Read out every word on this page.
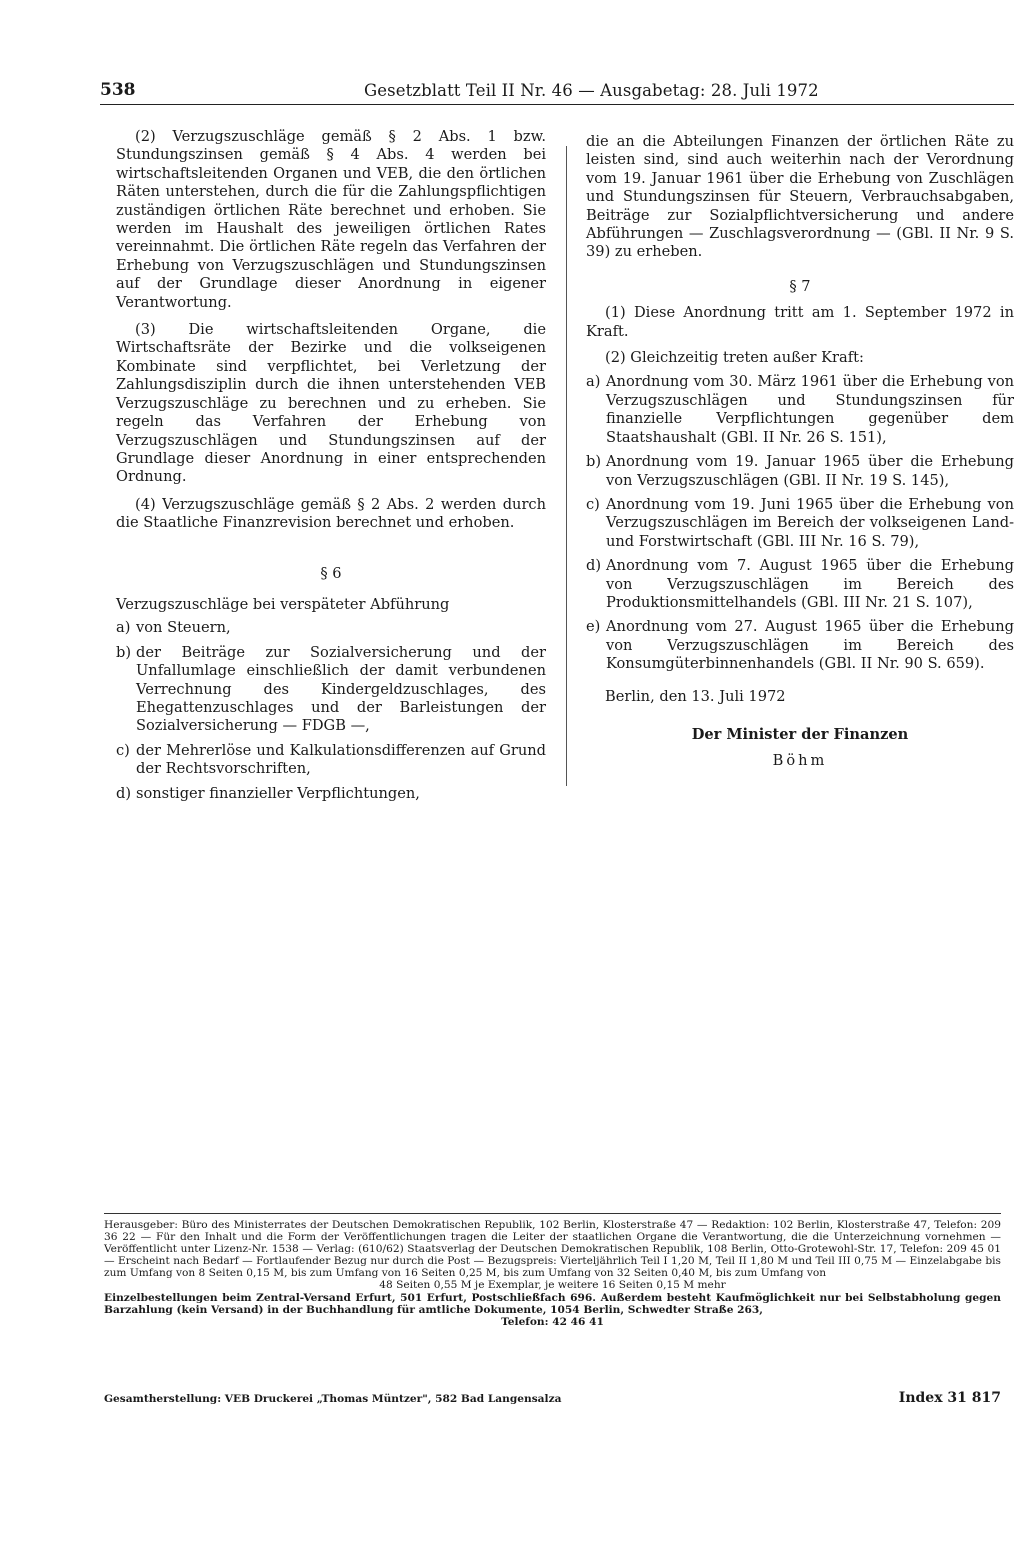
538	Gesetzblatt Teil II Nr. 46 — Ausgabetag: 28. Juli 1972

(2) Verzugszuschläge gemäß § 2 Abs. 1 bzw. Stundungszinsen gemäß § 4 Abs. 4 werden bei wirtschaftsleitenden Organen und VEB, die den örtlichen Räten unterstehen, durch die für die Zahlungspflichtigen zuständigen örtlichen Räte berechnet und erhoben. Sie werden im Haushalt des jeweiligen örtlichen Rates vereinnahmt. Die örtlichen Räte regeln das Verfahren der Erhebung von Verzugszuschlägen und Stundungszinsen auf der Grundlage dieser Anordnung in eigener Verantwortung.

(3) Die wirtschaftsleitenden Organe, die Wirtschaftsräte der Bezirke und die volkseigenen Kombinate sind verpflichtet, bei Verletzung der Zahlungsdisziplin durch die ihnen unterstehenden VEB Verzugszuschläge zu berechnen und zu erheben. Sie regeln das Verfahren der Erhebung von Verzugszuschlägen und Stundungszinsen auf der Grundlage dieser Anordnung in einer entsprechenden Ordnung.

(4) Verzugszuschläge gemäß § 2 Abs. 2 werden durch die Staatliche Finanzrevision berechnet und erhoben.

§ 6

Verzugszuschläge bei verspäteter Abführung

a) von Steuern,
b) der Beiträge zur Sozialversicherung und der Unfallumlage einschließlich der damit verbundenen Verrechnung des Kindergeldzuschlages, des Ehegattenzuschlages und der Barleistungen der Sozialversicherung — FDGB —,
c) der Mehrerlöse und Kalkulationsdifferenzen auf Grund der Rechtsvorschriften,
d) sonstiger finanzieller Verpflichtungen,

die an die Abteilungen Finanzen der örtlichen Räte zu leisten sind, sind auch weiterhin nach der Verordnung vom 19. Januar 1961 über die Erhebung von Zuschlägen und Stundungszinsen für Steuern, Verbrauchsabgaben, Beiträge zur Sozialpflichtversicherung und andere Abführungen — Zuschlagsverordnung — (GBl. II Nr. 9 S. 39) zu erheben.

§ 7

(1) Diese Anordnung tritt am 1. September 1972 in Kraft.

(2) Gleichzeitig treten außer Kraft:

a) Anordnung vom 30. März 1961 über die Erhebung von Verzugszuschlägen und Stundungszinsen für finanzielle Verpflichtungen gegenüber dem Staatshaushalt (GBl. II Nr. 26 S. 151),
b) Anordnung vom 19. Januar 1965 über die Erhebung von Verzugszuschlägen (GBl. II Nr. 19 S. 145),
c) Anordnung vom 19. Juni 1965 über die Erhebung von Verzugszuschlägen im Bereich der volkseigenen Land- und Forstwirtschaft (GBl. III Nr. 16 S. 79),
d) Anordnung vom 7. August 1965 über die Erhebung von Verzugszuschlägen im Bereich des Produktionsmittelhandels (GBl. III Nr. 21 S. 107),
e) Anordnung vom 27. August 1965 über die Erhebung von Verzugszuschlägen im Bereich des Konsumgüterbinnenhandels (GBl. II Nr. 90 S. 659).

Berlin, den 13. Juli 1972

Der Minister der Finanzen

Böhm

Herausgeber: Büro des Ministerrates der Deutschen Demokratischen Republik, 102 Berlin, Klosterstraße 47 — Redaktion: 102 Berlin, Klosterstraße 47, Telefon: 209 36 22 — Für den Inhalt und die Form der Veröffentlichungen tragen die Leiter der staatlichen Organe die Verantwortung, die die Unterzeichnung vornehmen — Veröffentlicht unter Lizenz-Nr. 1538 — Verlag: (610/62) Staatsverlag der Deutschen Demokratischen Republik, 108 Berlin, Otto-Grotewohl-Str. 17, Telefon: 209 45 01 — Erscheint nach Bedarf — Fortlaufender Bezug nur durch die Post — Bezugspreis: Vierteljährlich Teil I 1,20 M, Teil II 1,80 M und Teil III 0,75 M — Einzelabgabe bis zum Umfang von 8 Seiten 0,15 M, bis zum Umfang von 16 Seiten 0,25 M, bis zum Umfang von 32 Seiten 0,40 M, bis zum Umfang von

48 Seiten 0,55 M je Exemplar, je weitere 16 Seiten 0,15 M mehr

Einzelbestellungen beim Zentral-Versand Erfurt, 501 Erfurt, Postschließfach 696. Außerdem besteht Kaufmöglichkeit nur bei Selbstabholung gegen Barzahlung (kein Versand) in der Buchhandlung für amtliche Dokumente, 1054 Berlin, Schwedter Straße 263,

Telefon: 42 46 41

Gesamtherstellung: VEB Druckerei „Thomas Müntzer", 582 Bad Langensalza	Index 31 817
